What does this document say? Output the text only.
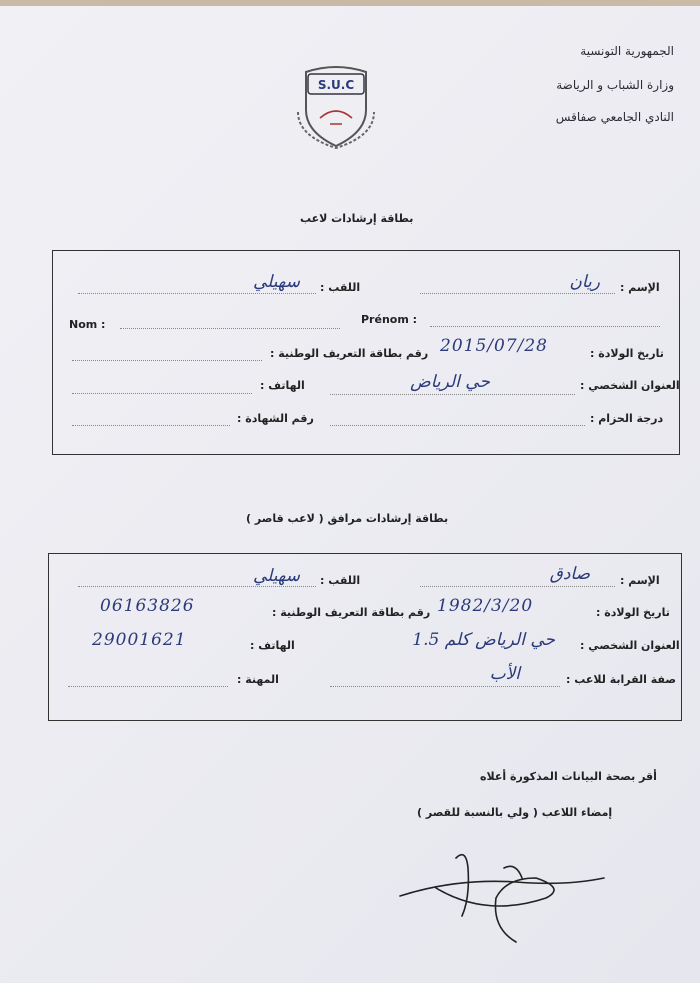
الجمهورية التونسية
وزارة الشباب و الرياضة
النادي الجامعي صفاقس
S.U.C
بطاقة إرشادات لاعب
الإسم :
ريان
اللقب :
سهيلي
Nom :	Prénom :
تاريخ الولادة :
2015/07/28
رقم بطاقة التعريف الوطنية :
العنوان الشخصي :
حي الرياض
الهاتف :
درجة الحزام :
رقم الشهادة :
بطاقة إرشادات مرافق ( لاعب قاصر )
الإسم :
صادق
اللقب :
سهيلي
تاريخ الولادة :
1982/3/20
رقم بطاقة التعريف الوطنية :
06163826
العنوان الشخصي :
حي الرياض كلم 1.5
الهاتف :
29001621
صفة القرابة للاعب :
الأب
المهنة :
أقر بصحة البيانات المذكورة أعلاه
إمضاء اللاعب ( ولي بالنسبة للقصر )
